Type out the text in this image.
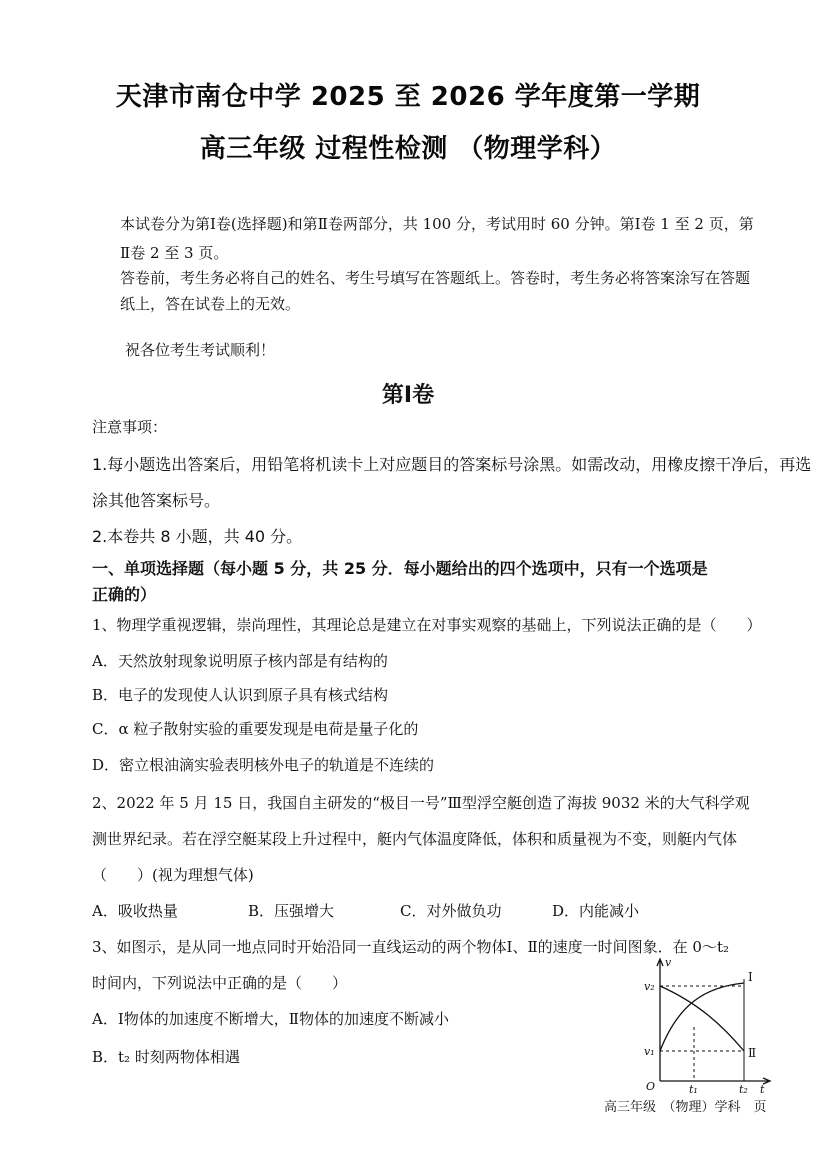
天津市南仓中学 2025 至 2026 学年度第一学期
高三年级 过程性检测 （物理学科）
本试卷分为第Ⅰ卷(选择题)和第Ⅱ卷两部分，共 100 分，考试用时 60 分钟。第Ⅰ卷 1 至 2 页，第
Ⅱ卷 2 至 3 页。
答卷前，考生务必将自己的姓名、考生号填写在答题纸上。答卷时，考生务必将答案涂写在答题
纸上，答在试卷上的无效。
祝各位考生考试顺利！
第Ⅰ卷
注意事项：
1.每小题选出答案后，用铅笔将机读卡上对应题目的答案标号涂黑。如需改动，用橡皮擦干净后，再选
涂其他答案标号。
2.本卷共 8 小题，共 40 分。
一、单项选择题（每小题 5 分，共 25 分．每小题给出的四个选项中，只有一个选项是
正确的）
1、物理学重视逻辑，崇尚理性，其理论总是建立在对事实观察的基础上，下列说法正确的是（　　）
A．天然放射现象说明原子核内部是有结构的
B．电子的发现使人认识到原子具有核式结构
C．α 粒子散射实验的重要发现是电荷是量子化的
D．密立根油滴实验表明核外电子的轨道是不连续的
2、2022 年 5 月 15 日，我国自主研发的“极目一号”Ⅲ型浮空艇创造了海拔 9032 米的大气科学观
测世界纪录。若在浮空艇某段上升过程中，艇内气体温度降低，体积和质量视为不变，则艇内气体
（　　）(视为理想气体)
A．吸收热量	B．压强增大	C．对外做负功	D．内能减小
3、如图示，是从同一地点同时开始沿同一直线运动的两个物体Ⅰ、Ⅱ的速度一时间图象．在 0～t₂
时间内，下列说法中正确的是（　　）
A．Ⅰ物体的加速度不断增大，Ⅱ物体的加速度不断减小
B．t₂ 时刻两物体相遇
v
t
O
v₂
v₁
t₁	t₂
Ⅰ
Ⅱ
高三年级　（物理）学科　页
